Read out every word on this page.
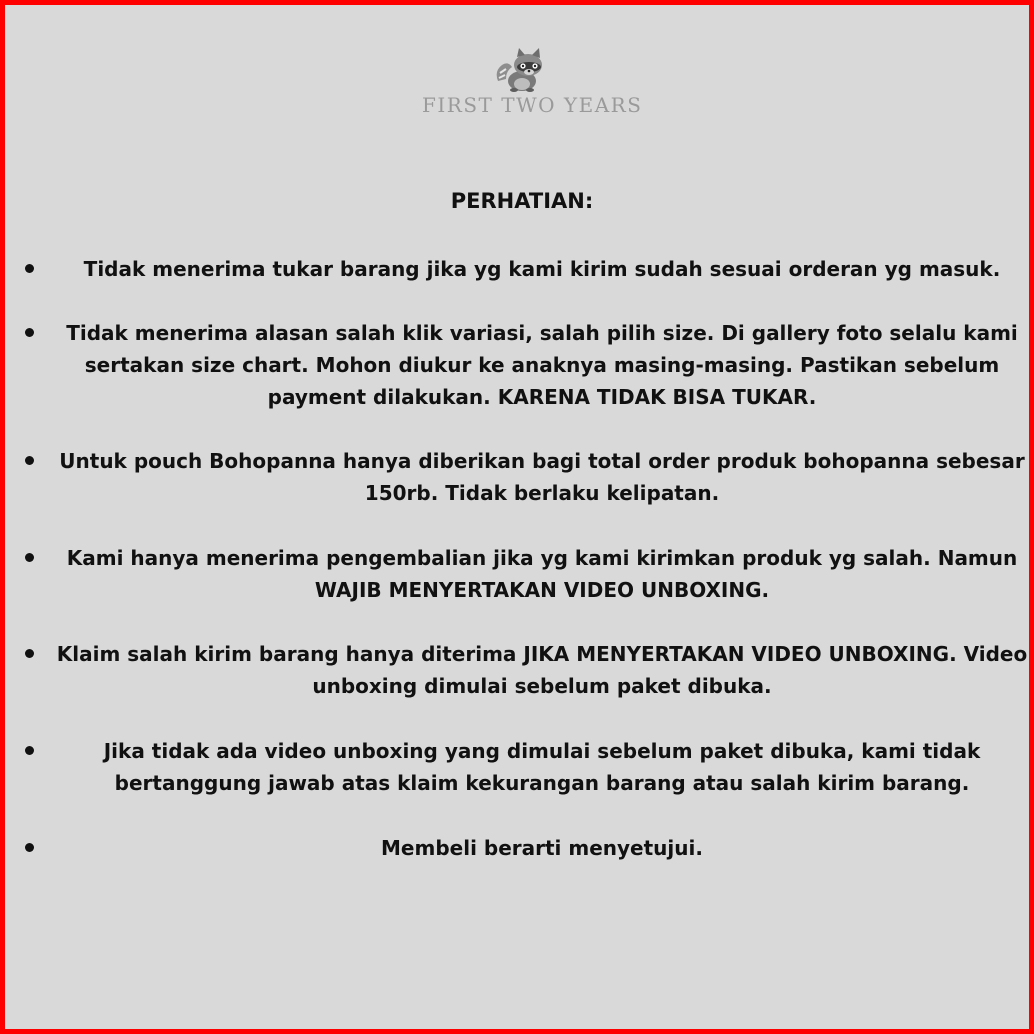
FIRST TWO YEARS
PERHATIAN:
Tidak menerima tukar barang jika yg kami kirim sudah sesuai orderan yg masuk.
Tidak menerima alasan salah klik variasi, salah pilih size. Di gallery foto selalu kami sertakan size chart. Mohon diukur ke anaknya masing-masing. Pastikan sebelum payment dilakukan. KARENA TIDAK BISA TUKAR.
Untuk pouch Bohopanna hanya diberikan bagi total order produk bohopanna sebesar 150rb. Tidak berlaku kelipatan.
Kami hanya menerima pengembalian jika yg kami kirimkan produk yg salah. Namun WAJIB MENYERTAKAN VIDEO UNBOXING.
Klaim salah kirim barang hanya diterima JIKA MENYERTAKAN VIDEO UNBOXING. Video unboxing dimulai sebelum paket dibuka.
Jika tidak ada video unboxing yang dimulai sebelum paket dibuka, kami tidak bertanggung jawab atas klaim kekurangan barang atau salah kirim barang.
Membeli berarti menyetujui.
